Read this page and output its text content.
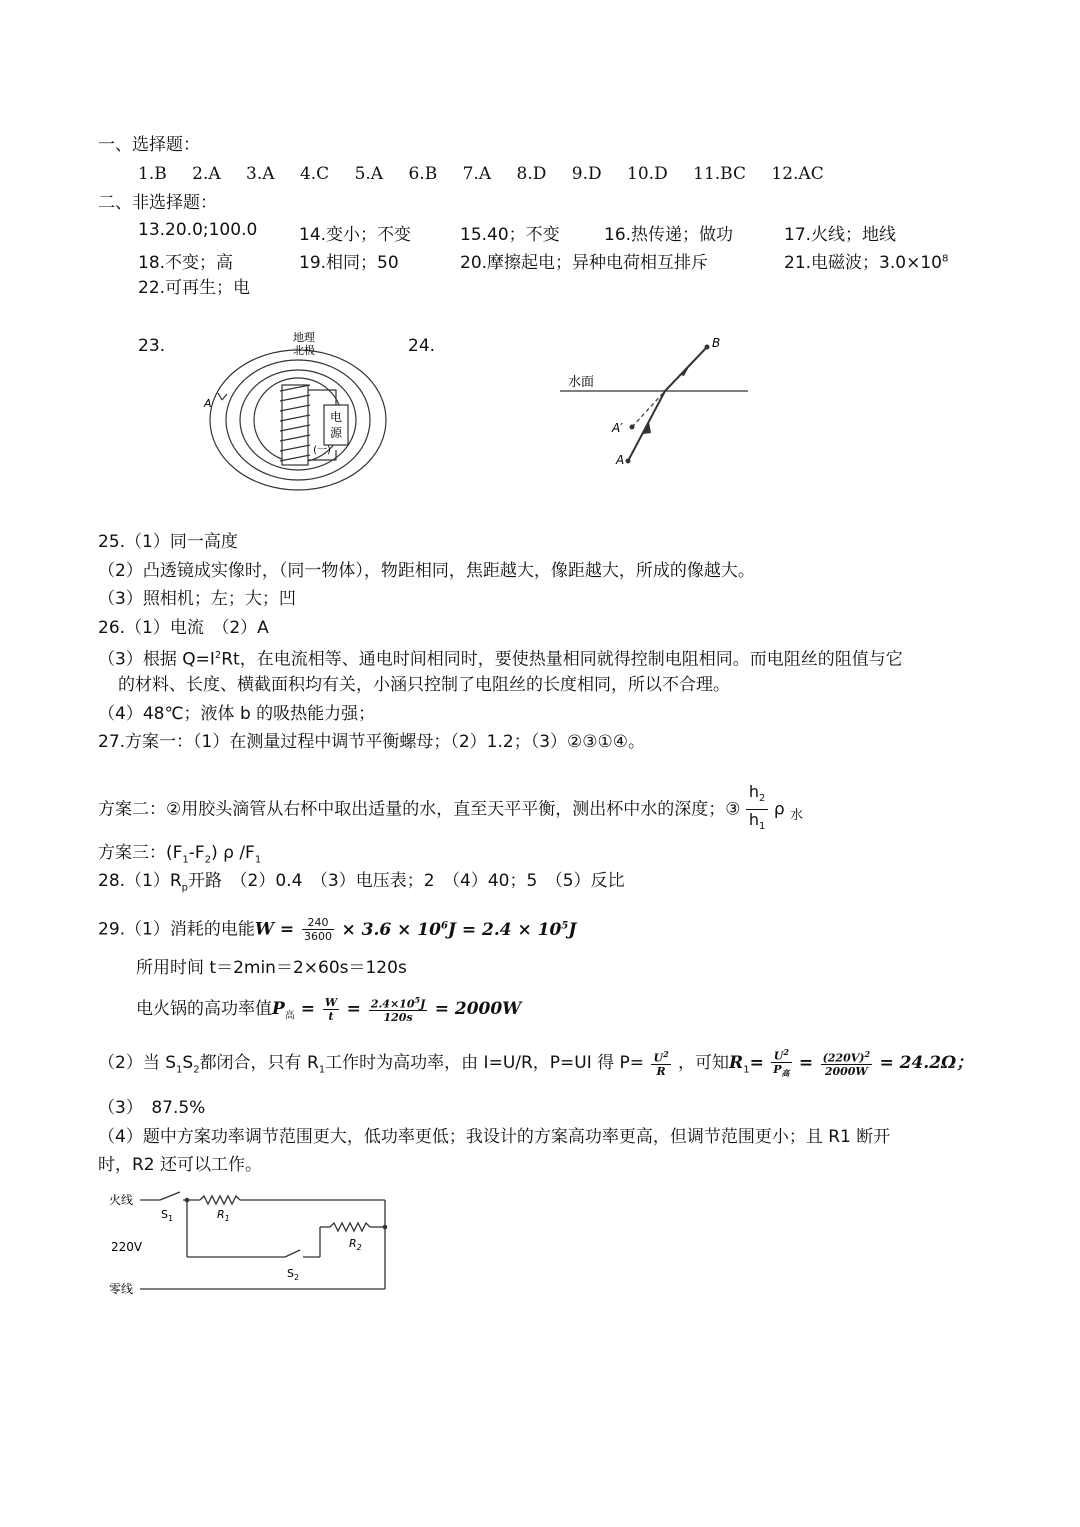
一、选择题：
1.B 2.A 3.A 4.C 5.A 6.B 7.A 8.D 9.D 10.D 11.BC 12.AC
二、非选择题：
13.20.0;100.0 14.变小；不变	15.40；不变	16.热传递；做功	17.火线；地线
18.不变；高	19.相同；50	20.摩擦起电；异种电荷相互排斥	21.电磁波；$3.0\times 10^8$
22.可再生；电
23.	24.
地理
北极
电
源
(一)
A
水面
A
A′
B
25.（1）同一高度
（2）凸透镜成实像时，（同一物体），物距相同，焦距越大，像距越大，所成的像越大。
（3）照相机；左；大；凹
26.（1）电流　（2）A
（3）根据 $Q=I^2Rt$，在电流相等、通电时间相同时，要使热量相同就得控制电阻相同。而电阻丝的阻值与它
的材料、长度、横截面积均有关，小涵只控制了电阻丝的长度相同，所以不合理。
（4）48℃；液体 b 的吸热能力强；
27.方案一：（1）在测量过程中调节平衡螺母；（2）1.2；（3）②③①④。
方案二：②用胶头滴管从右杯中取出适量的水，直至天平平衡，测出杯中水的深度；③ $\frac{h_2}{h_1}$ ρ $_水$
方案三：$(F_1-F_2)$ ρ $/F_1$
$28.(1)R_p$开路　（2）0.4　（3）电压表；2　（4）40；5　（5）反比
29.（1）消耗的电能$W = \frac{240}{3600} \times 3.6 \times 10^6J = 2.4 \times 10^5J$
所用时间 t＝2min＝2×60s＝120s
电火锅的高功率值$P_高 = \frac{W}{t} = \frac{2.4\times 10^5J}{120s} = 2000W$
（2）当 $S_1S_2$都闭合，只有 $R_1$工作时为高功率，由 I=U/R，P=UI 得 $P= \frac{U^2}{R}$ ，可知$R_1= \frac{U^2}{P_高} = \frac{(220V)^2}{2000W} = 24.2\Omega$；
（3）　87.5%
（4）题中方案功率调节范围更大，低功率更低；我设计的方案高功率更高，但调节范围更小；且 R1 断开
时，R2 还可以工作。
火线
零线
220V
$S_1$	$R_1$
$S_2$
$R_2$
